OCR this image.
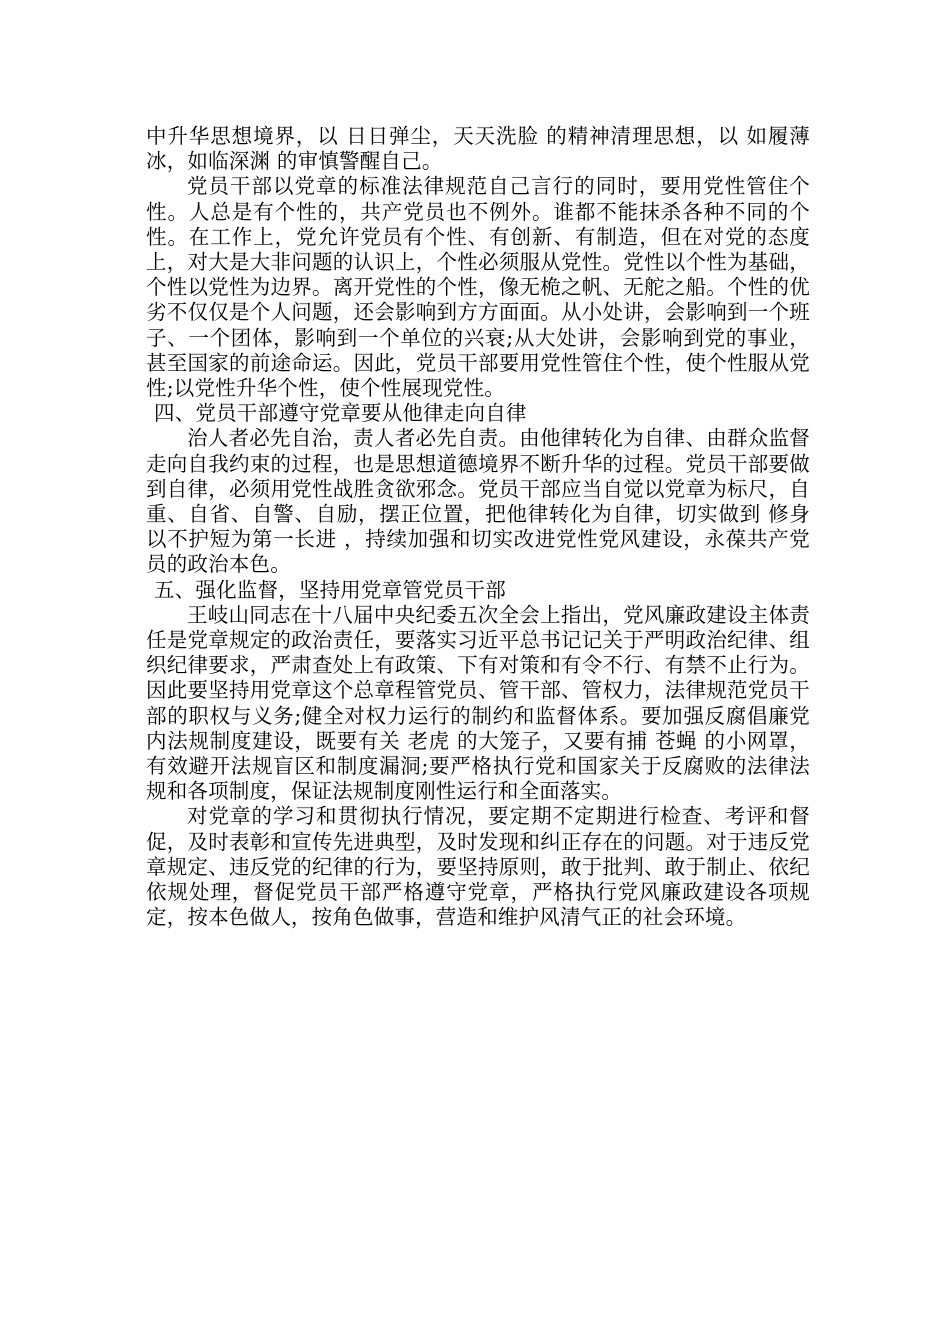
中升华思想境界，以 日日弹尘，天天洗脸 的精神清理思想，以 如履薄冰，如临深渊 的审慎警醒自己。

党员干部以党章的标准法律规范自己言行的同时，要用党性管住个性。人总是有个性的，共产党员也不例外。谁都不能抹杀各种不同的个性。在工作上，党允许党员有个性、有创新、有制造，但在对党的态度上，对大是大非问题的认识上，个性必须服从党性。党性以个性为基础，个性以党性为边界。离开党性的个性，像无桅之帆、无舵之船。个性的优劣不仅仅是个人问题，还会影响到方方面面。从小处讲，会影响到一个班子、一个团体，影响到一个单位的兴衰;从大处讲，会影响到党的事业，甚至国家的前途命运。因此，党员干部要用党性管住个性，使个性服从党性;以党性升华个性，使个性展现党性。

四、党员干部遵守党章要从他律走向自律

治人者必先自治，责人者必先自责。由他律转化为自律、由群众监督走向自我约束的过程，也是思想道德境界不断升华的过程。党员干部要做到自律，必须用党性战胜贪欲邪念。党员干部应当自觉以党章为标尺，自重、自省、自警、自励，摆正位置，把他律转化为自律，切实做到 修身以不护短为第一长进 ，持续加强和切实改进党性党风建设，永葆共产党员的政治本色。

五、强化监督，坚持用党章管党员干部

王岐山同志在十八届中央纪委五次全会上指出，党风廉政建设主体责任是党章规定的政治责任，要落实习近平总书记记关于严明政治纪律、组织纪律要求，严肃查处上有政策、下有对策和有令不行、有禁不止行为。因此要坚持用党章这个总章程管党员、管干部、管权力，法律规范党员干部的职权与义务;健全对权力运行的制约和监督体系。要加强反腐倡廉党内法规制度建设，既要有关 老虎 的大笼子，又要有捕 苍蝇 的小网罩，有效避开法规盲区和制度漏洞;要严格执行党和国家关于反腐败的法律法规和各项制度，保证法规制度刚性运行和全面落实。

对党章的学习和贯彻执行情况，要定期不定期进行检查、考评和督促，及时表彰和宣传先进典型，及时发现和纠正存在的问题。对于违反党章规定、违反党的纪律的行为，要坚持原则，敢于批判、敢于制止、依纪依规处理，督促党员干部严格遵守党章，严格执行党风廉政建设各项规定，按本色做人，按角色做事，营造和维护风清气正的社会环境。
